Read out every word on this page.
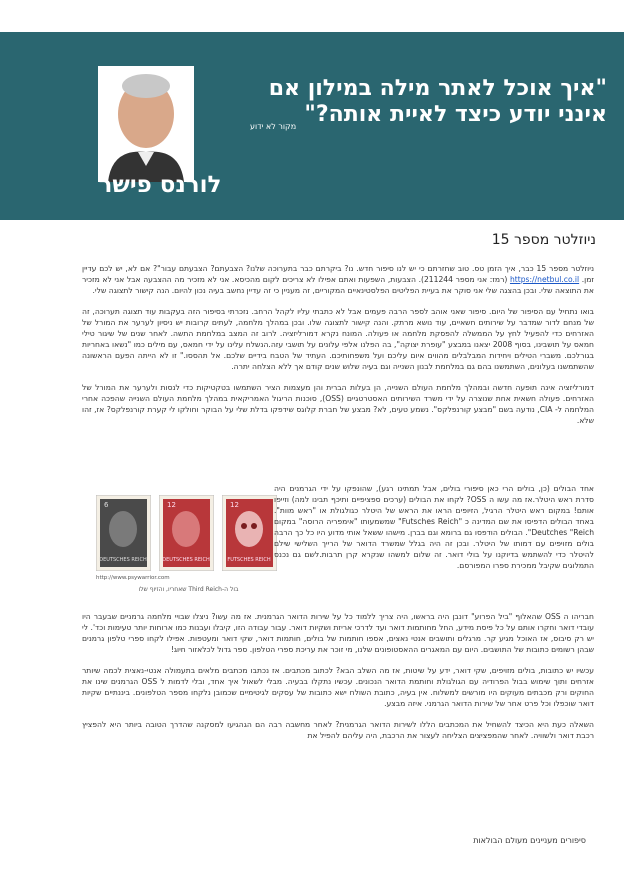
לורנס פישר
"איך אוכל לאתר מילה במילון אם
אינני יודע כיצד לאיית אותה?"
מקור לא ידוע
ניוזלטר מספר 15

ניוזלטר מספר 15 כבר, איך הזמן טס. טוב שחזרתם כי יש לנו סיפור חדש. נו? ביקרתם כבר בתערוכה שלנו? הצבעתם? הצבעתם עבור"? אם לא, יש לכם עדיין זמן. https://netbul.co.il (רמז: אני מספר 211244). הצבעות, השפעות ואתם אפילו לא צריכים לקום מהכיסא. אני לא מזכיר מה ההצבעה אבל אני לא מזכיר את התוצאה שלי. ובכן בהצגה שלי אני סוקר את בעיית הפליטים הפלסטינאיים המקוריים, זה מעניין כי זה עדיין נחשב בעיה נכון להיום. הנה קישור לתצוגה שלי.

בואו נתחיל עם הסיפור של היום. סיפור שאני אוהב לספר הרבה פעמים אבל לא כתבתי עליו לקהל הרחב. נזכרתי בסיפור הזה בעקבות עוד תצוגה תערוכה, זה של מנחם לדור שמדבר על שירותים חשאיים, עוד נושא מרתק. והנה קישור לתצוגה שלו. ובכן במהלך מלחמה, לעתים קרובות יש ניסיון לערער את המורל של האזרחים כדי להפעיל לחץ על הממשלה להפסקת מלחמה או פעולה. המונח נקרא דמורליזציה. לרוב זה המצב במלחמת התשה. לאחר שנים של שיגור טילי חמאס על תושבינו, בסוף 2008 יצאנו במבצע "עופרת יצוקה", בה הפלנו אלפי עלונים על תושבי עזה.הנשלח עלינו על ידי חמאס, עם מילים כמו "נשאו באחריות בגורלכם. משברי הטילים ויחידות המבלבלים מהווים איום עליכם ועל משפחותיכם. העתיד של הטבח בידיים שלכם. אל תהססו." זו לא הייתה הפעם הראשונה שהשתמשנו בעלונים, השתמשנו בהם גם במלחמת לבנון השנייה וגם בעיה שלוש שנים קודם אך ללא הצלחה יתרה.

דמורליזציה אינה תופעה חדשה ובמהלך מלחמת העולם השנייה, הן בעלות הברית והן מעצמות הציר השתמשו בטקטיקות כדי לנסות ולערער את המורל של האזרחים. פעולה חשאית אחת שנוצרה על ידי משרד השירותים האסטרטגיים (OSS), סוכנות הריגול האמריקאית במהלך מלחמת העולם השנייה שהפכה אחרי המלחמה ל- CIA, נודעה בשם "מבצע קורנפלקס". נשמע טעים, לא? מבצע של חברת קלוגס שידפקו בדלת שלי על הבוקר וחולקו לי קערת קורנפלקס? אז, זהו שלא.

DEUTSCHES REICH
6
DEUTSCHES REICH
12
FUTSCHES REICH
12
http://www.psywarrior.com
בול ה-Third Reich שאחריו, והזיוף שלו
אחד הבולים (כן, בולים הרי כאן סיפורי בולים, אבל תמתינו רגע), שהונפקו על ידי הגרמנים היה סדרת ראש היטלר.אז מה עשו ה OSS? לקחו את הבולים (ערכים ספציפיים ותיכף תבינו למה) וזייפו אותם! במקום ראש היטלר הרגיל, הזיופים הראו את הראש של היטלר כגולגולת או "ראש מוות". באחד הבולים הדפיסו את שם המדינה כ "Futsches Reich" שמשמעותו "אימפריה הרוסה" במקום Deutches "Reich". הבולים הודפסו גם ברומא וגם בברן. מישהו ששאל אותי מדוע היו כל כך הרבה בולים מזויפים עם דמותו של היטלר. ובכן זה היה בגלל שמשרד הדואר של הרייך השלישי שילם להיטלר כדי להשתמש בדיוקנו על בולי דואר. זה שלום למשהו שנקרא קרן תרבות.לשם גם נכנס התמלוגים שקיבל ממכירת ספרו המפורסם.

חבריהו ה OSS שהאלוף "ביל הפרוע" דונבן היה בראשו, היה צריך ללמוד כל על שירות הדואר הגרמנית. אז מה עשו? ניצלו שבויי מלחמה גרמניים שבעבר היו עובדי דואר וחקרו אותם על כל פיסת מידע, החל מחותמות דואר ועד לדרכי אריזת ושקיות דואר. עבור עבודה הזו, קיבלו ועבנות כמו ארוחות יותר טעימות וכד'. לי יש רק סיבוס, אז האוכל מגיע קר. מרגלים ותושבים אנטי נאצים, אספו חותמות של בולים, חותמות דואר, שקי דואר ומעטפות. אפילו לקחו ספרי טלפון גרמנים שבהן רשומים כתובות של התושבים. היום עם המאגרים ההאסטופונים שלנו, מי זוכר את עריכת ספרי הטלפון. ספר גדול לכלאזור חיוג!

עכשיו יש כתובות, בולים מזויפים, שקי דואר, ידע על שיטות, אז מה השלב הבא? לכתוב מכתבים. אז נכתבו מכתבים מלאים בתעמולה אנטי-נאצית לכמה שיותר אזרחים ותוך שימוש בבול הפרודיה עם הגולגולת וחותמת הדואר הנכונים. עכשיו נתקלו בבעיה. מבלי לשאול איך אחד, ובלי לדמות ל OSS הגרמנים שינו את החוקים ורק מכבתים מעוקים היו מורשים למשלוח. אין בעיה, כתובת השולח ישא כתובות של עסקים לגיטימיים שכמובן נלקחו מספר הטלפונים. ביננתיים שקיות דואר שוכפלו וכל פרט אחר של שירות הדואר הגרמני. איזה מבצע.

השאלה כעת היא הכיצד להשחיל את המכתבים הללו לשירות הדואר הגרמנית? לאחר מחשבה רבה הם הגהגיעו למסקנה שהדרך הטובה ביותר היא להפציץ רכבת דואר ולשוויה. לאחר שהמפציצים הצליחה לעצור את הרכבת, היה עליהם להפיל את

סיפורים מעניינים מעולם הבולאות
